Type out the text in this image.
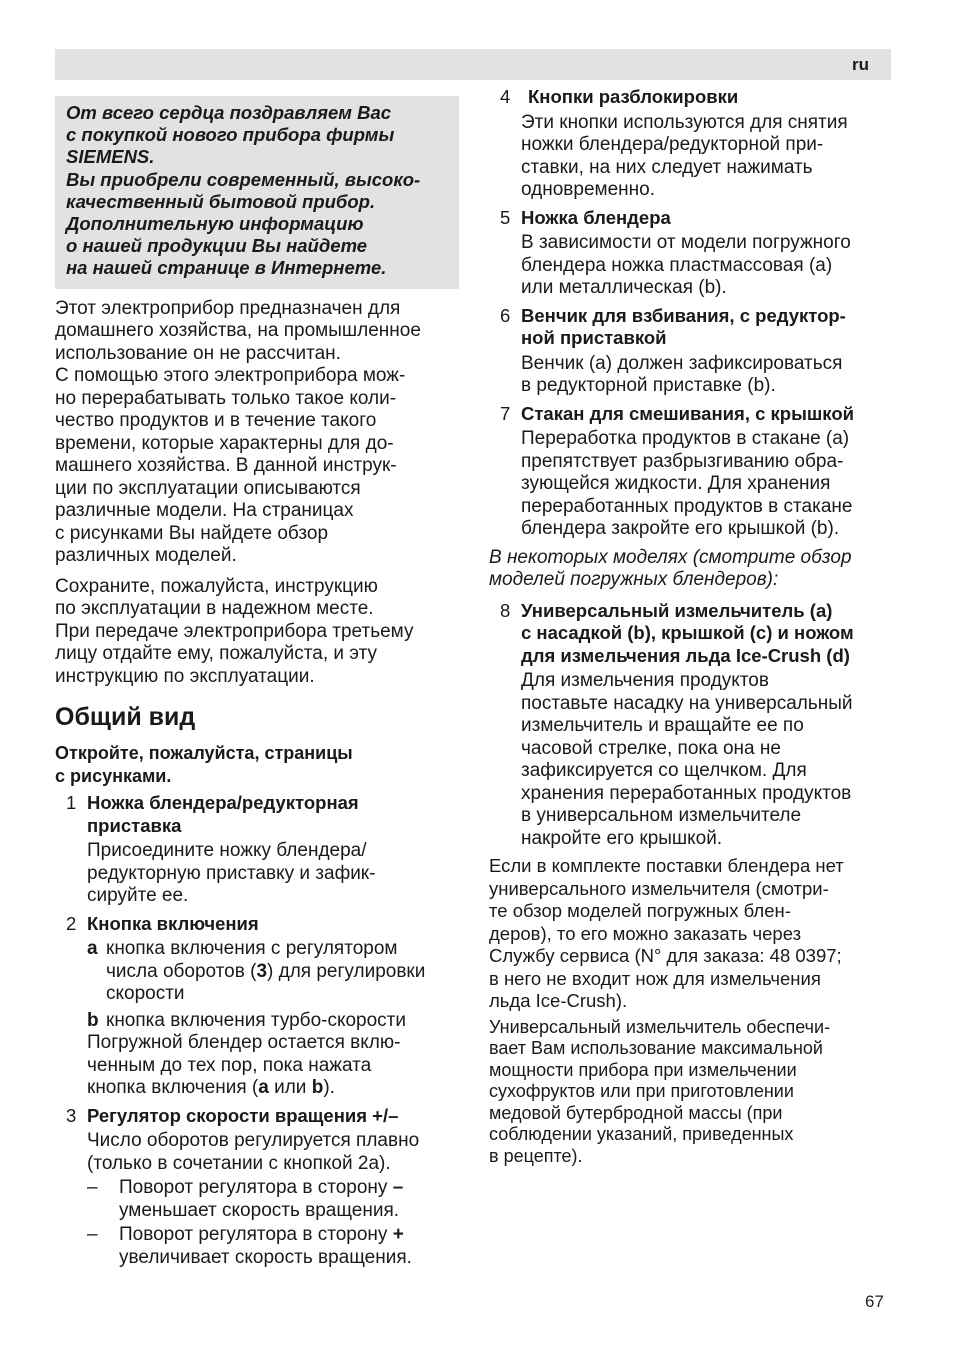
ru
От всего сердца поздравляем Вас
с покупкой нового прибора фирмы
SIEMENS.
Вы приобрели современный, высоко-
качественный бытовой прибор.
Дополнительную информацию
о нашей продукции Вы найдете
на нашей странице в Интернете.
Этот электроприбор предназначен для
домашнего хозяйства, на промышленное
использование он не рассчитан.
С помощью этого электроприбора мож-
но перерабатывать только такое коли-
чество продуктов и в течение такого
времени, которые характерны для до-
машнего хозяйства. В данной инструк-
ции по эксплуатации описываются
различные модели. На страницах
с рисунками Вы найдете обзор
различных моделей.
Сохраните, пожалуйста, инструкцию
по эксплуатации в надежном месте.
При передаче электроприбора третьему
лицу отдайте ему, пожалуйста, и эту
инструкцию по эксплуатации.
Общий вид
Откройте, пожалуйста, страницы
с рисунками.
1 Ножка блендера/редукторная
приставка
Присоедините ножку блендера/
редукторную приставку и зафик-
сируйте ее.
2 Кнопка включения
a кнопка включения с регулятором
числа оборотов (3) для регулировки
скорости
b кнопка включения турбо-скорости
Погружной блендер остается вклю-
ченным до тех пор, пока нажата
кнопка включения (a или b).
3 Регулятор скорости вращения +/–
Число оборотов регулируется плавно
(только в сочетании с кнопкой 2a).
– Поворот регулятора в сторону –
уменьшает скорость вращения.
– Поворот регулятора в сторону +
увеличивает скорость вращения.
4 Кнопки разблокировки
Эти кнопки используются для снятия
ножки блендера/редукторной при-
ставки, на них следует нажимать
одновременно.
5 Ножка блендера
В зависимости от модели погружного
блендера ножка пластмассовая (a)
или металлическая (b).
6 Венчик для взбивания, с редуктор-
ной приставкой
Венчик (a) должен зафиксироваться
в редукторной приставке (b).
7 Стакан для смешивания, с крышкой
Переработка продуктов в стакане (a)
препятствует разбрызгиванию обра-
зующейся жидкости. Для хранения
переработанных продуктов в стакане
блендера закройте его крышкой (b).
В некоторых моделях (смотрите обзор
моделей погружных блендеров):
8 Универсальный измельчитель (a)
с насадкой (b), крышкой (c) и ножом
для измельчения льда Ice-Crush (d)
Для измельчения продуктов
поставьте насадку на универсальный
измельчитель и вращайте ее по
часовой стрелке, пока она не
зафиксируется со щелчком. Для
хранения переработанных продуктов
в универсальном измельчителе
накройте его крышкой.
Если в комплекте поставки блендера нет
универсального измельчителя (смотри-
те обзор моделей погружных блен-
деров), то его можно заказать через
Службу сервиса (N° для заказа: 48 0397;
в него не входит нож для измельчения
льда Ice-Crush).
Универсальный измельчитель обеспечи-
вает Вам использование максимальной
мощности прибора при измельчении
сухофруктов или при приготовлении
медовой бутербродной массы (при
соблюдении указаний, приведенных
в рецепте).
67
